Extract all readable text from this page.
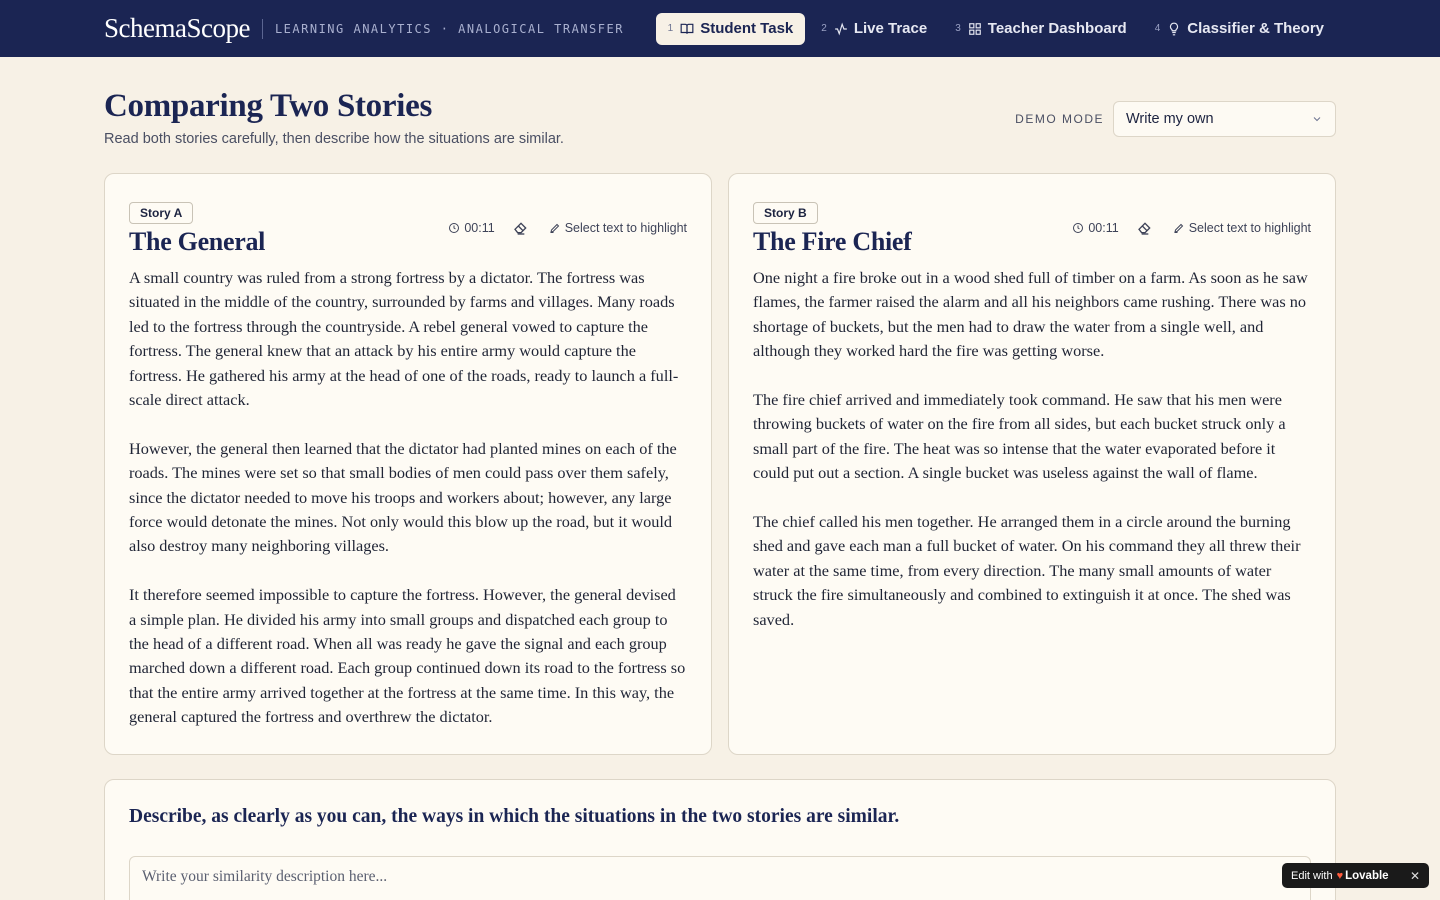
SchemaScope LEARNING ANALYTICS · ANALOGICAL TRANSFER	1 Student Task	2 Live Trace	3 Teacher Dashboard	4 Classifier & Theory
Comparing Two Stories
Read both stories carefully, then describe how the situations are similar.
DEMO MODE Write my own
Story A
The General	00:11	Select text to highlight

A small country was ruled from a strong fortress by a dictator. The fortress was situated in the middle of the country, surrounded by farms and villages. Many roads led to the fortress through the countryside. A rebel general vowed to capture the fortress. The general knew that an attack by his entire army would capture the fortress. He gathered his army at the head of one of the roads, ready to launch a full-scale direct attack.

However, the general then learned that the dictator had planted mines on each of the roads. The mines were set so that small bodies of men could pass over them safely, since the dictator needed to move his troops and workers about; however, any large force would detonate the mines. Not only would this blow up the road, but it would also destroy many neighboring villages.

It therefore seemed impossible to capture the fortress. However, the general devised a simple plan. He divided his army into small groups and dispatched each group to the head of a different road. When all was ready he gave the signal and each group marched down a different road. Each group continued down its road to the fortress so that the entire army arrived together at the fortress at the same time. In this way, the general captured the fortress and overthrew the dictator.

Story B
The Fire Chief	00:11	Select text to highlight

One night a fire broke out in a wood shed full of timber on a farm. As soon as he saw flames, the farmer raised the alarm and all his neighbors came rushing. There was no shortage of buckets, but the men had to draw the water from a single well, and although they worked hard the fire was getting worse.

The fire chief arrived and immediately took command. He saw that his men were throwing buckets of water on the fire from all sides, but each bucket struck only a small part of the fire. The heat was so intense that the water evaporated before it could put out a section. A single bucket was useless against the wall of flame.

The chief called his men together. He arranged them in a circle around the burning shed and gave each man a full bucket of water. On his command they all threw their water at the same time, from every direction. The many small amounts of water struck the fire simultaneously and combined to extinguish it at once. The shed was saved.

Describe, as clearly as you can, the ways in which the situations in the two stories are similar.
Write your similarity description here...
Edit with ♥ Lovable ✕
